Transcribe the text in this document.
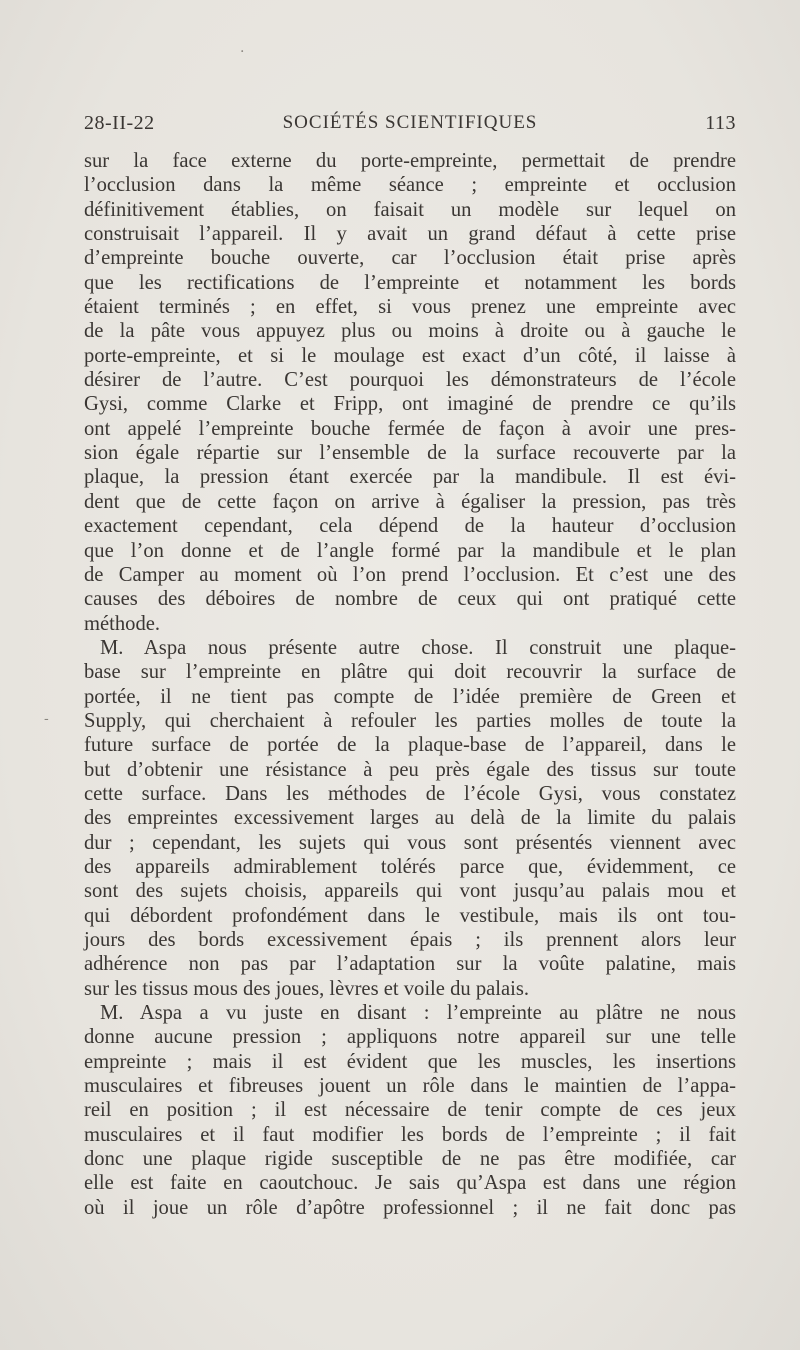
·
-
28-II-22	SOCIÉTÉS SCIENTIFIQUES	113
sur la face externe du porte-empreinte, permettait de prendre
l’occlusion dans la même séance ; empreinte et occlusion
définitivement établies, on faisait un modèle sur lequel on
construisait l’appareil. Il y avait un grand défaut à cette prise
d’empreinte bouche ouverte, car l’occlusion était prise après
que les rectifications de l’empreinte et notamment les bords
étaient terminés ; en effet, si vous prenez une empreinte avec
de la pâte vous appuyez plus ou moins à droite ou à gauche le
porte-empreinte, et si le moulage est exact d’un côté, il laisse à
désirer de l’autre. C’est pourquoi les démonstrateurs de l’école
Gysi, comme Clarke et Fripp, ont imaginé de prendre ce qu’ils
ont appelé l’empreinte bouche fermée de façon à avoir une pres-
sion égale répartie sur l’ensemble de la surface recouverte par la
plaque, la pression étant exercée par la mandibule. Il est évi-
dent que de cette façon on arrive à égaliser la pression, pas très
exactement cependant, cela dépend de la hauteur d’occlusion
que l’on donne et de l’angle formé par la mandibule et le plan
de Camper au moment où l’on prend l’occlusion. Et c’est une des
causes des déboires de nombre de ceux qui ont pratiqué cette
méthode.
M. Aspa nous présente autre chose. Il construit une plaque-
base sur l’empreinte en plâtre qui doit recouvrir la surface de
portée, il ne tient pas compte de l’idée première de Green et
Supply, qui cherchaient à refouler les parties molles de toute la
future surface de portée de la plaque-base de l’appareil, dans le
but d’obtenir une résistance à peu près égale des tissus sur toute
cette surface. Dans les méthodes de l’école Gysi, vous constatez
des empreintes excessivement larges au delà de la limite du palais
dur ; cependant, les sujets qui vous sont présentés viennent avec
des appareils admirablement tolérés parce que, évidemment, ce
sont des sujets choisis, appareils qui vont jusqu’au palais mou et
qui débordent profondément dans le vestibule, mais ils ont tou-
jours des bords excessivement épais ; ils prennent alors leur
adhérence non pas par l’adaptation sur la voûte palatine, mais
sur les tissus mous des joues, lèvres et voile du palais.
M. Aspa a vu juste en disant : l’empreinte au plâtre ne nous
donne aucune pression ; appliquons notre appareil sur une telle
empreinte ; mais il est évident que les muscles, les insertions
musculaires et fibreuses jouent un rôle dans le maintien de l’appa-
reil en position ; il est nécessaire de tenir compte de ces jeux
musculaires et il faut modifier les bords de l’empreinte ; il fait
donc une plaque rigide susceptible de ne pas être modifiée, car
elle est faite en caoutchouc. Je sais qu’Aspa est dans une région
où il joue un rôle d’apôtre professionnel ; il ne fait donc pas
